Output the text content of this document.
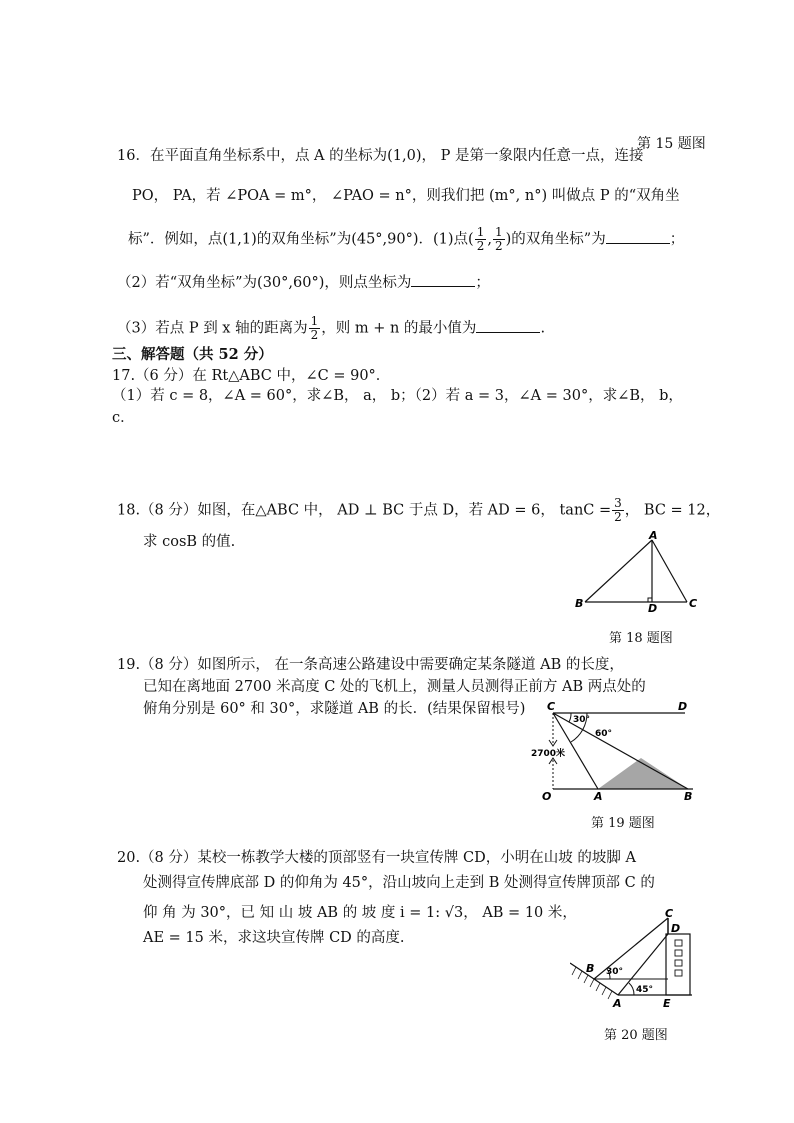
第 15 题图
16．在平面直角坐标系中，点 A 的坐标为(1,0)， P 是第一象限内任意一点，连接
PO， PA，若 ∠POA = m°， ∠PAO = n°，则我们把 (m°, n°) 叫做点 P 的“双角坐
标”．例如，点(1,1)的双角坐标”为(45°,90°)．(1)点( $\frac{1}{2}$ , $\frac{1}{2}$ )的双角坐标”为	；
（2）若“双角坐标”为(30°,60°)，则点坐标为	；
（3）若点 P 到 x 轴的距离为 $\frac{1}{2}$ ，则 m + n 的最小值为	.
三、解答题（共 52 分）
17.（6 分）在 Rt△ABC 中，∠C = 90°．
（1）若 c = 8，∠A = 60°，求∠B， a， b；（2）若 a = 3，∠A = 30°，求∠B， b，
c．
18.（8 分）如图，在△ABC 中， AD ⊥ BC 于点 D，若 AD = 6， $\tan C = \frac{3}{2}$ ， BC = 12，
求 cosB 的值.	A
B	C
D
第 18 题图
19.（8 分）如图所示， 在一条高速公路建设中需要确定某条隧道 AB 的长度，
已知在离地面 2700 米高度 C 处的飞机上，测量人员测得正前方 AB 两点处的
俯角分别是 60° 和 30°，求隧道 AB 的长．(结果保留根号)	C	D
O	A	B
30°
60°
2700米
第 19 题图
20.（8 分）某校一栋教学大楼的顶部竖有一块宣传牌 CD，小明在山坡 的坡脚 A
处测得宣传牌底部 D 的仰角为 45°，沿山坡向上走到 B 处测得宣传牌顶部 C 的
仰 角 为 30°，已 知 山 坡 AB 的 坡 度 i = 1: √3， AB = 10 米，
AE = 15 米，求这块宣传牌 CD 的高度.
C
D
B
A	E
30°
45°
第 20 题图
